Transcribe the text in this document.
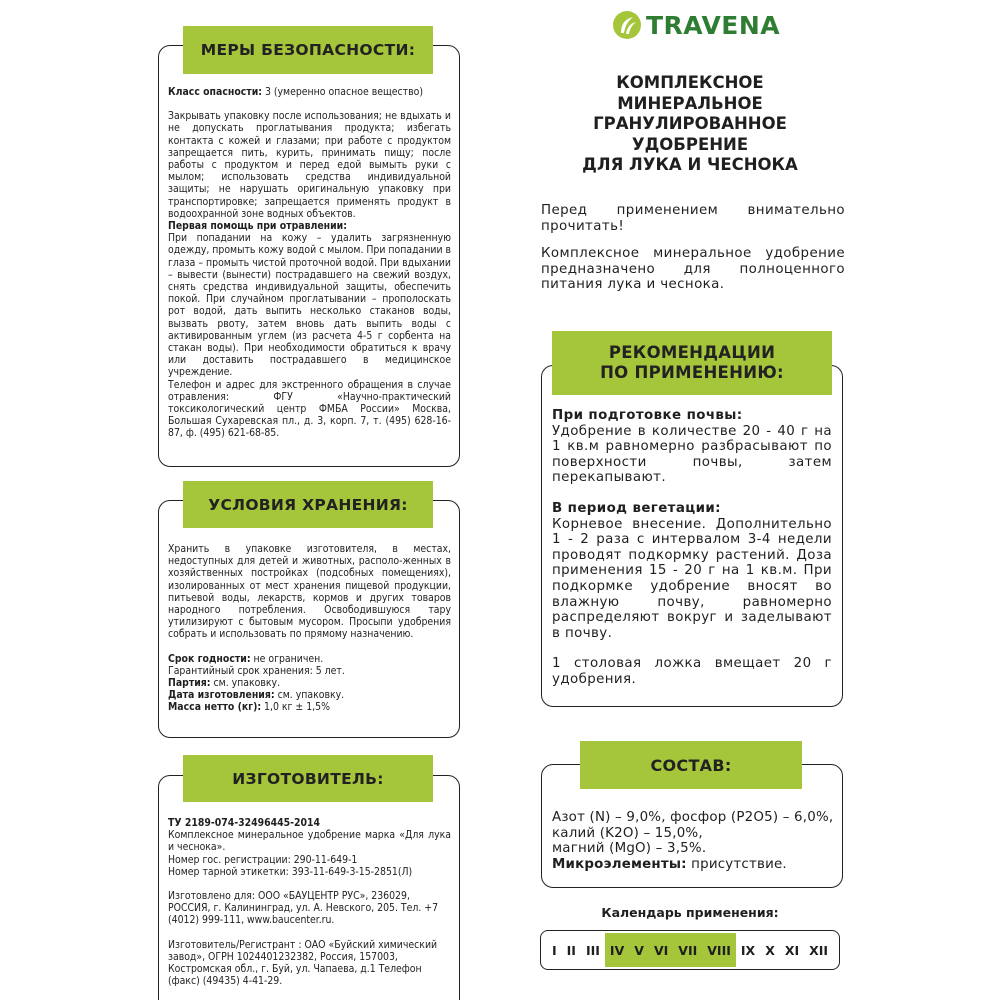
МЕРЫ БЕЗОПАСНОСТИ:

Класс опасности: 3 (умеренно опасное вещество)

Закрывать упаковку после использования; не вдыхать и не допускать проглатывания продукта; избегать контакта с кожей и глазами; при работе с продуктом запрещается пить, курить, принимать пищу; после работы с продуктом и перед едой вымыть руки с мылом; использовать средства индивидуальной защиты; не нарушать оригинальную упаковку при транспортировке; запрещается применять продукт в водоохранной зоне водных объектов.

Первая помощь при отравлении:

При попадании на кожу – удалить загрязненную одежду, промыть кожу водой с мылом. При попадании в глаза – промыть чистой проточной водой. При вдыхании – вывести (вынести) пострадавшего на свежий воздух, снять средства индивидуальной защиты, обеспечить покой. При случайном проглатывании – прополоскать рот водой, дать выпить несколько стаканов воды, вызвать рвоту, затем вновь дать выпить воды с активированным углем (из расчета 4-5 г сорбента на стакан воды). При необходимости обратиться к врачу или доставить пострадавшего в медицинское учреждение.

Телефон и адрес для экстренного обращения в случае отравления: ФГУ «Научно-практический токсикологический центр ФМБА России» Москва, Большая Сухаревская пл., д. 3, корп. 7, т. (495) 628-16-87, ф. (495) 621-68-85.

УСЛОВИЯ ХРАНЕНИЯ:

Хранить в упаковке изготовителя, в местах, недоступных для детей и животных, располо-женных в хозяйственных постройках (подсобных помещениях), изолированных от мест хранения пищевой продукции, питьевой воды, лекарств, кормов и других товаров народного потребления. Освободившуюся тару утилизируют с бытовым мусором. Просыпи удобрения собрать и использовать по прямому назначению.

Срок годности: не ограничен.

Гарантийный срок хранения: 5 лет.

Партия: см. упаковку.

Дата изготовления: см. упаковку.

Масса нетто (кг): 1,0 кг ± 1,5%

ИЗГОТОВИТЕЛЬ:

ТУ 2189-074-32496445-2014

Комплексное минеральное удобрение марка «Для лука и чеснока».

Номер гос. регистрации: 290-11-649-1

Номер тарной этикетки: 393-11-649-3-15-2851(Л)

Изготовлено для: ООО «БАУЦЕНТР РУС», 236029, РОССИЯ, г. Калининград, ул. А. Невского, 205. Тел. +7 (4012) 999-111, www.baucenter.ru.

Изготовитель/Регистрант : ОАО «Буйский химический завод», ОГРН 1024401232382, Россия, 157003, Костромская обл., г. Буй, ул. Чапаева, д.1 Телефон (факс) (49435) 4-41-29.

TRAVENA
КОМПЛЕКСНОЕ
МИНЕРАЛЬНОЕ
ГРАНУЛИРОВАННОЕ
УДОБРЕНИЕ
ДЛЯ ЛУКА И ЧЕСНОКА

Перед применением внимательно прочитать!

Комплексное минеральное удобрение предназначено для полноценного питания лука и чеснока.

РЕКОМЕНДАЦИИ
ПО ПРИМЕНЕНИЮ:

При подготовке почвы:

Удобрение в количестве 20 - 40 г на 1 кв.м равномерно разбрасывают по поверхности почвы, затем перекапывают.

В период вегетации:

Корневое внесение. Дополнительно 1 - 2 раза с интервалом 3-4 недели проводят подкормку растений. Доза применения 15 - 20 г на 1 кв.м. При подкормке удобрение вносят во влажную почву, равномерно распределяют вокруг и заделывают в почву.

1 столовая ложка вмещает 20 г удобрения.

СОСТАВ:

Азот (N) – 9,0%, фосфор (P2O5) – 6,0%,

калий (K2O) – 15,0%,

магний (MgO) – 3,5%.

Микроэлементы: присутствие.

Календарь применения:
I II III IV V VI VII VIII IX X XI XII
